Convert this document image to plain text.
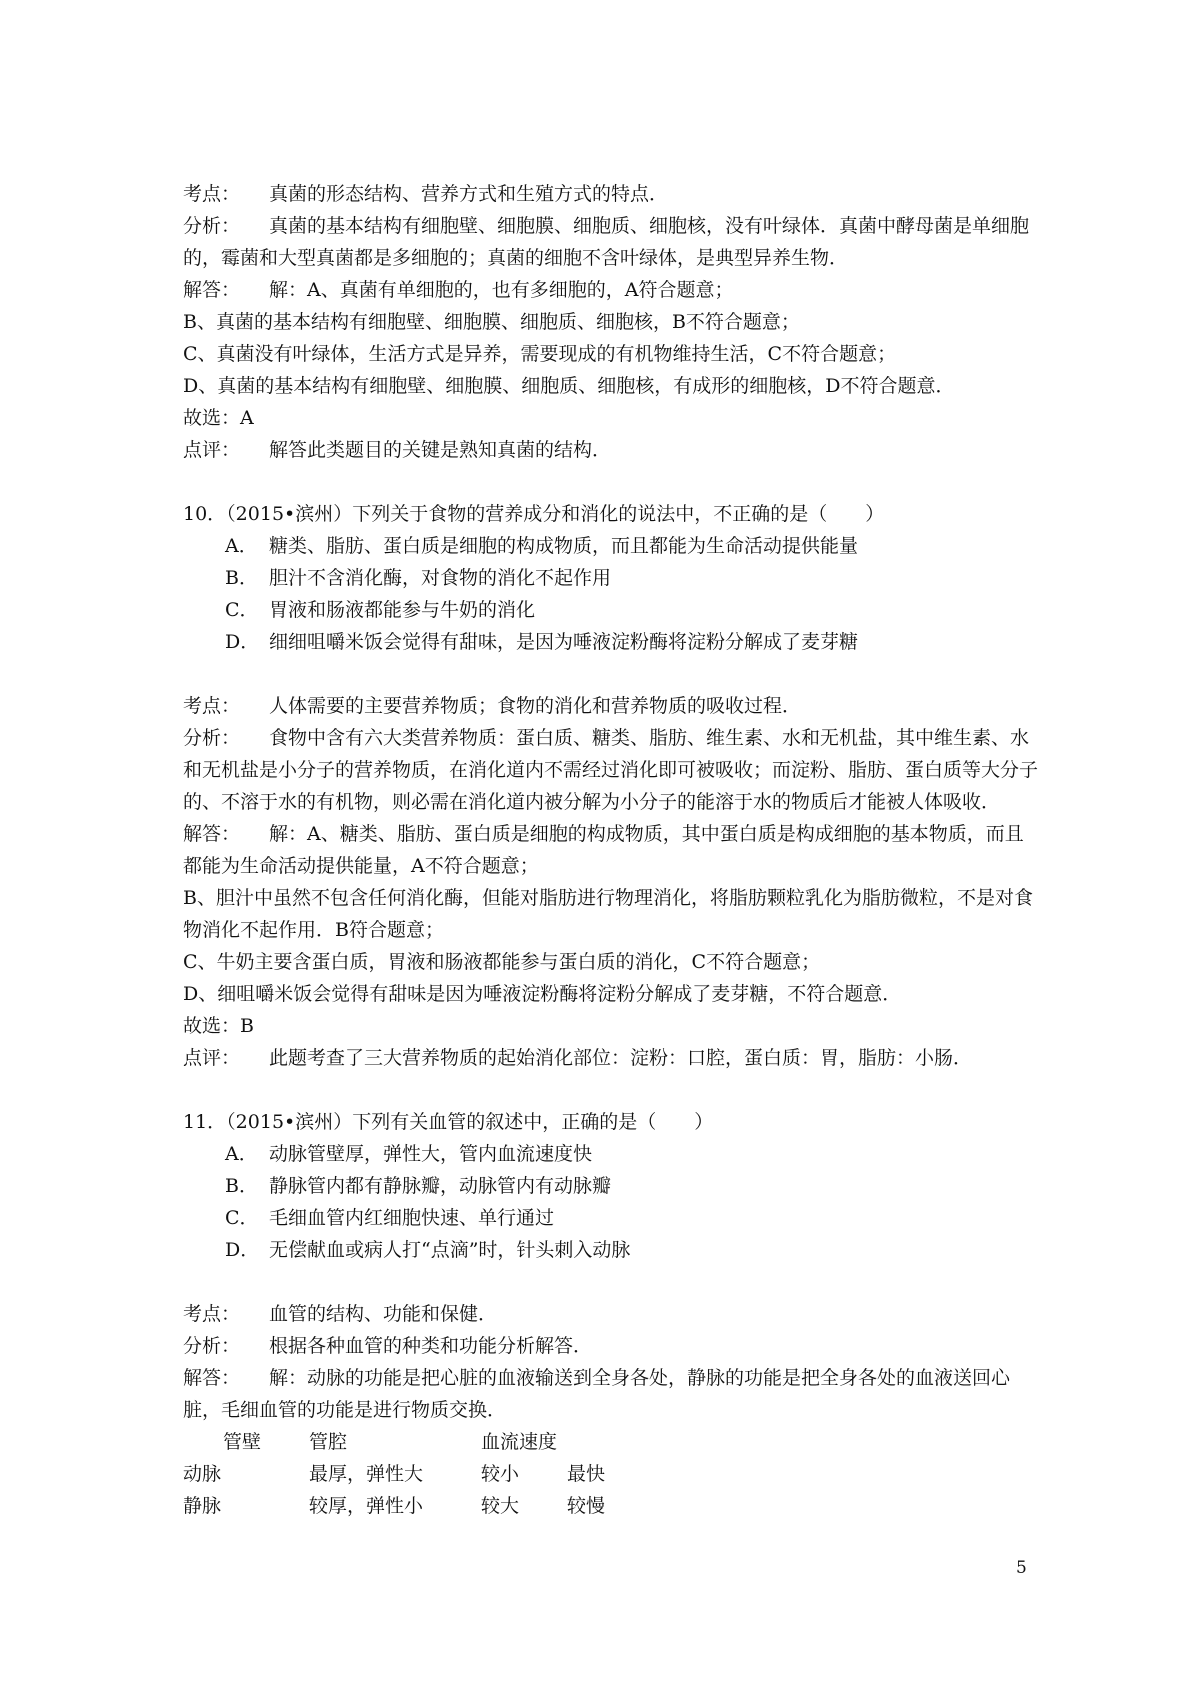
考点： 真菌的形态结构、营养方式和生殖方式的特点．
分析： 真菌的基本结构有细胞壁、细胞膜、细胞质、细胞核，没有叶绿体．真菌中酵母菌是单细胞的，霉菌和大型真菌都是多细胞的；真菌的细胞不含叶绿体，是典型异养生物．
解答： 解：A、真菌有单细胞的，也有多细胞的，A符合题意；
B、真菌的基本结构有细胞壁、细胞膜、细胞质、细胞核，B不符合题意；
C、真菌没有叶绿体，生活方式是异养，需要现成的有机物维持生活，C不符合题意；
D、真菌的基本结构有细胞壁、细胞膜、细胞质、细胞核，有成形的细胞核，D不符合题意．
故选：A
点评： 解答此类题目的关键是熟知真菌的结构．
10．（2015•滨州）下列关于食物的营养成分和消化的说法中，不正确的是（　　）
A． 糖类、脂肪、蛋白质是细胞的构成物质，而且都能为生命活动提供能量
B． 胆汁不含消化酶，对食物的消化不起作用
C． 胃液和肠液都能参与牛奶的消化
D． 细细咀嚼米饭会觉得有甜味，是因为唾液淀粉酶将淀粉分解成了麦芽糖
考点： 人体需要的主要营养物质；食物的消化和营养物质的吸收过程．
分析： 食物中含有六大类营养物质：蛋白质、糖类、脂肪、维生素、水和无机盐，其中维生素、水和无机盐是小分子的营养物质，在消化道内不需经过消化即可被吸收；而淀粉、脂肪、蛋白质等大分子的、不溶于水的有机物，则必需在消化道内被分解为小分子的能溶于水的物质后才能被人体吸收．
解答： 解：A、糖类、脂肪、蛋白质是细胞的构成物质，其中蛋白质是构成细胞的基本物质，而且都能为生命活动提供能量，A不符合题意；
B、胆汁中虽然不包含任何消化酶，但能对脂肪进行物理消化，将脂肪颗粒乳化为脂肪微粒，不是对食物消化不起作用．B符合题意；
C、牛奶主要含蛋白质，胃液和肠液都能参与蛋白质的消化，C不符合题意；
D、细咀嚼米饭会觉得有甜味是因为唾液淀粉酶将淀粉分解成了麦芽糖，不符合题意．
故选：B
点评： 此题考查了三大营养物质的起始消化部位：淀粉：口腔，蛋白质：胃，脂肪：小肠．
11．（2015•滨州）下列有关血管的叙述中，正确的是（　　）
A． 动脉管壁厚，弹性大，管内血流速度快
B． 静脉管内都有静脉瓣，动脉管内有动脉瓣
C． 毛细血管内红细胞快速、单行通过
D． 无偿献血或病人打“点滴”时，针头刺入动脉
考点： 血管的结构、功能和保健．
分析： 根据各种血管的种类和功能分析解答．
解答： 解：动脉的功能是把心脏的血液输送到全身各处，静脉的功能是把全身各处的血液送回心脏，毛细血管的功能是进行物质交换．
管壁	管腔	血流速度	
动脉	最厚，弹性大	较小	最快
静脉	较厚，弹性小	较大	较慢
5
